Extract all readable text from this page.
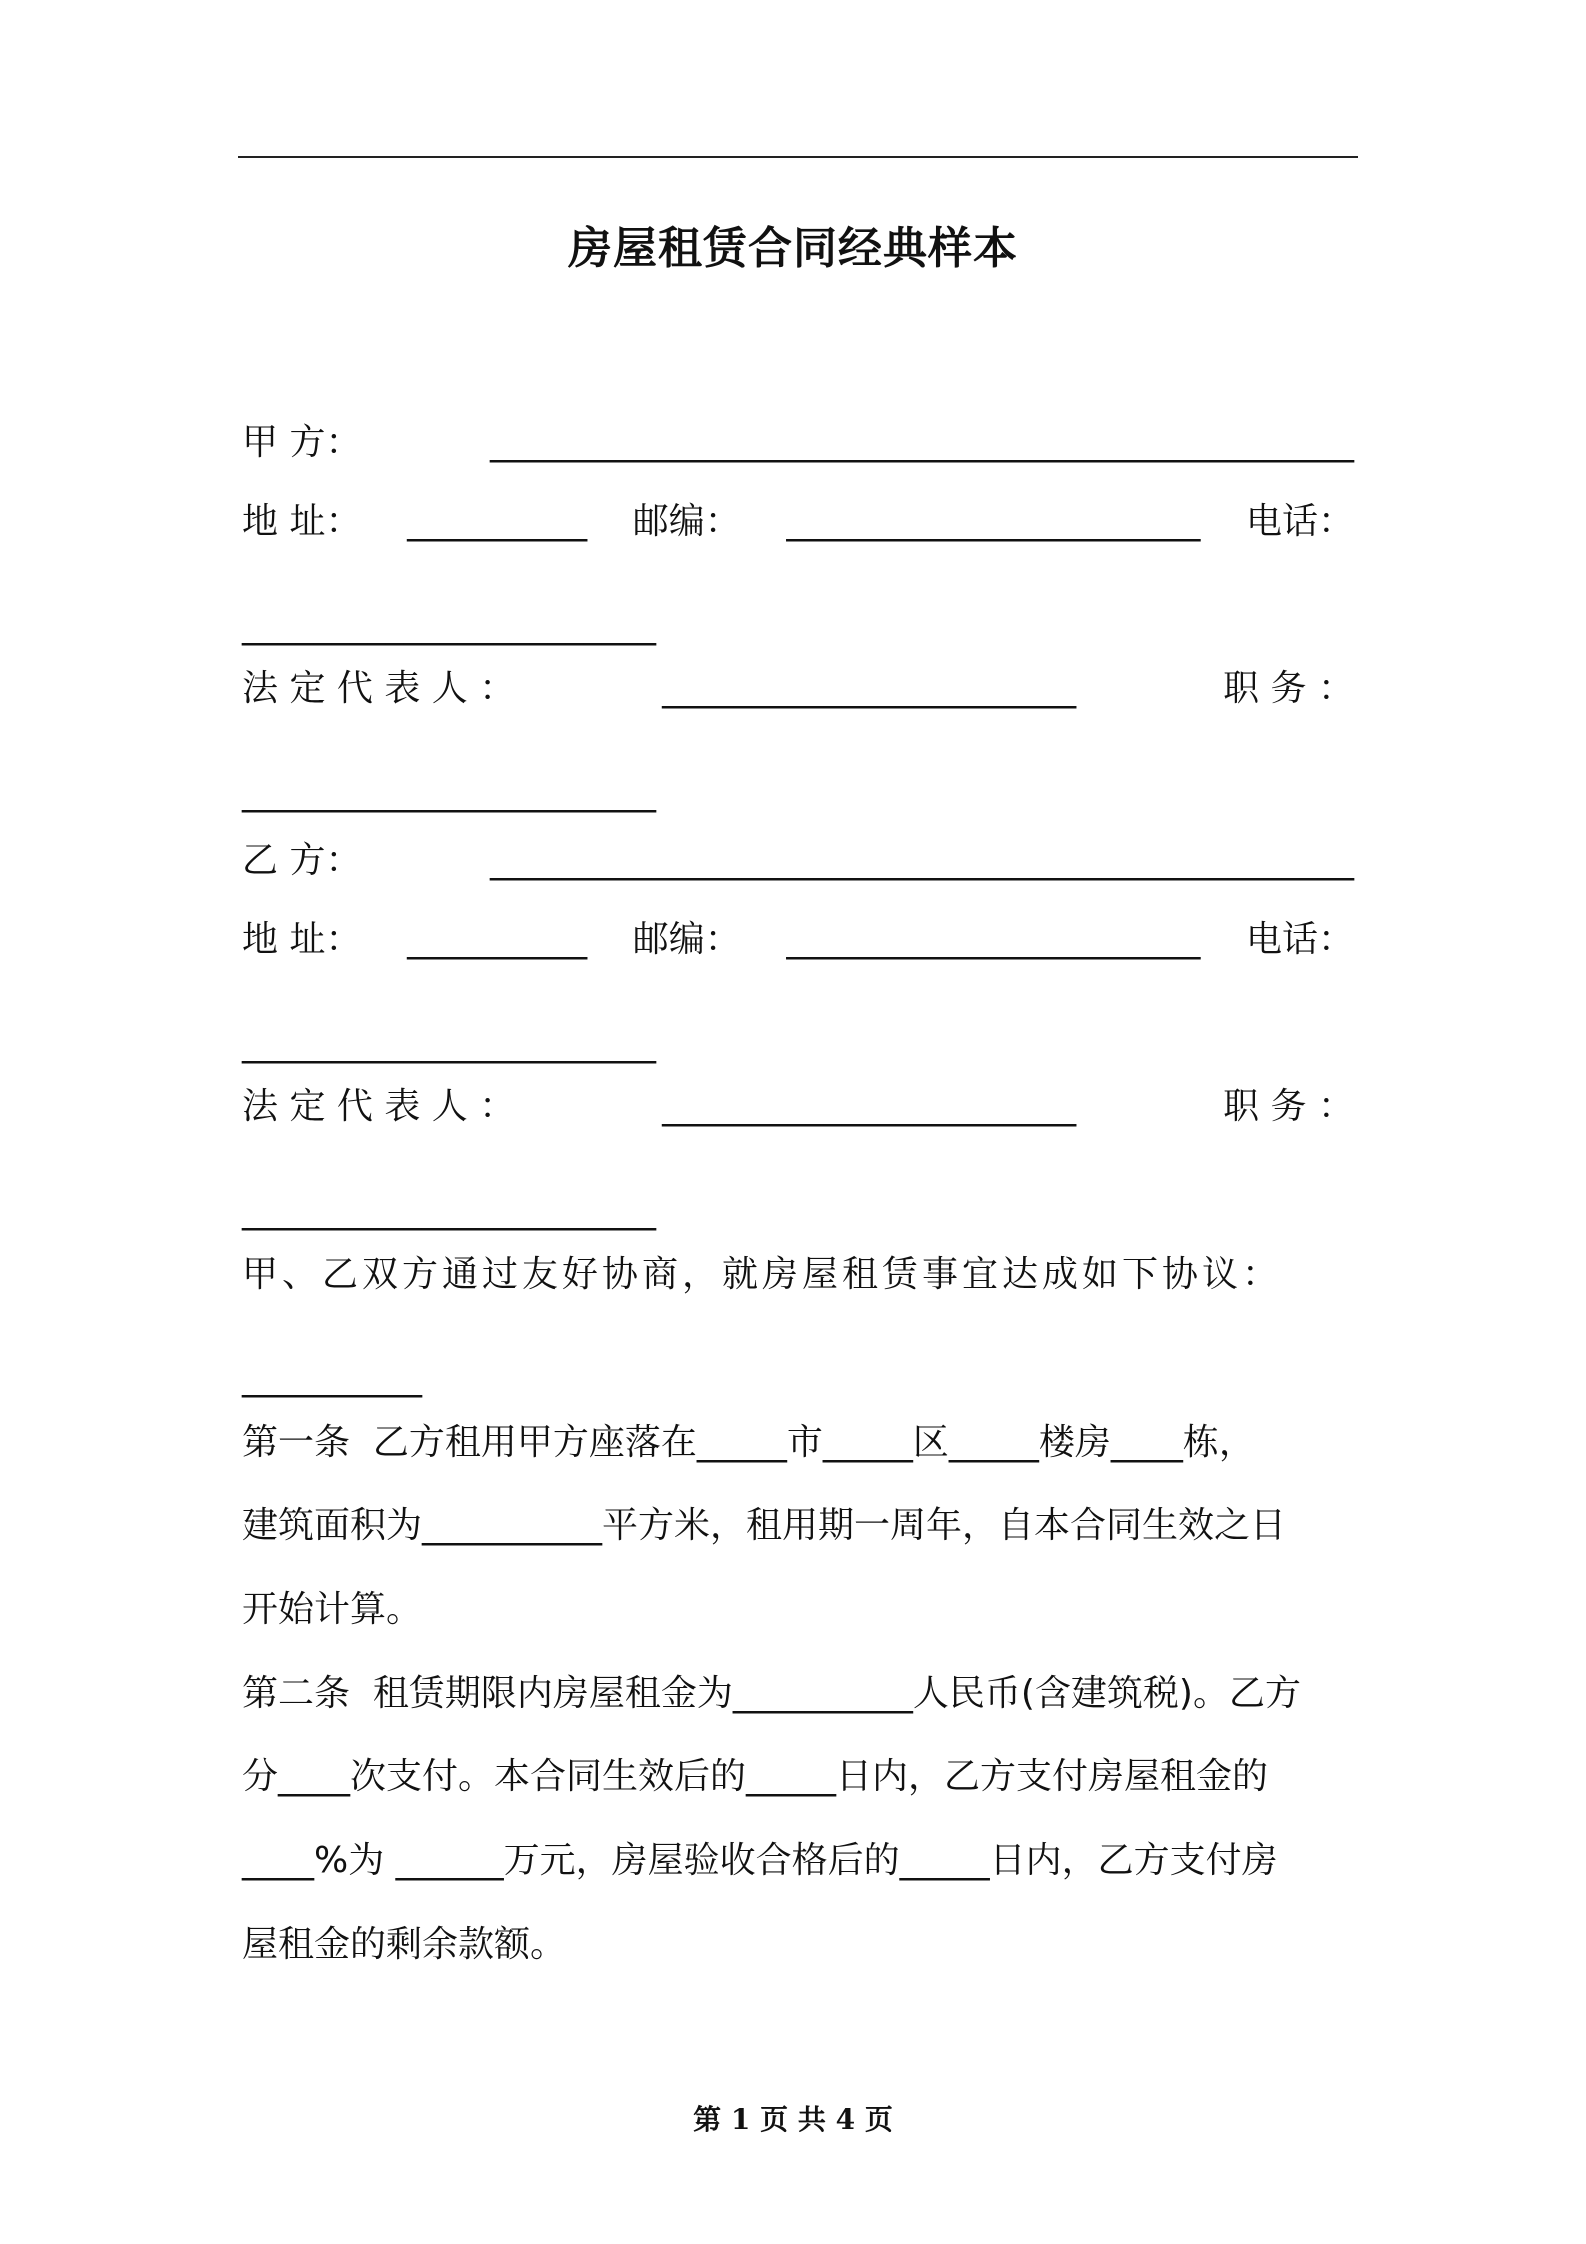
房屋租赁合同经典样本
甲 方：	________________________________________________
地 址： __________ 邮编： _______________________ 电话：
_______________________
法 定 代 表 人 ：	_______________________	职 务 ：
_______________________
乙 方：	________________________________________________
地 址： __________ 邮编： _______________________ 电话：
_______________________
法 定 代 表 人 ：	_______________________	职 务 ：
_______________________
甲、乙双方通过友好协商，就房屋租赁事宜达成如下协议：
__________
第一条  乙方租用甲方座落在_____市_____区_____楼房____栋，
建筑面积为__________平方米，租用期一周年，自本合同生效之日
开始计算。
第二条  租赁期限内房屋租金为__________人民币(含建筑税)。乙方
分____次支付。本合同生效后的_____日内，乙方支付房屋租金的
____%为 ______万元，房屋验收合格后的_____日内，乙方支付房
屋租金的剩余款额。
第 1 页 共 4 页
